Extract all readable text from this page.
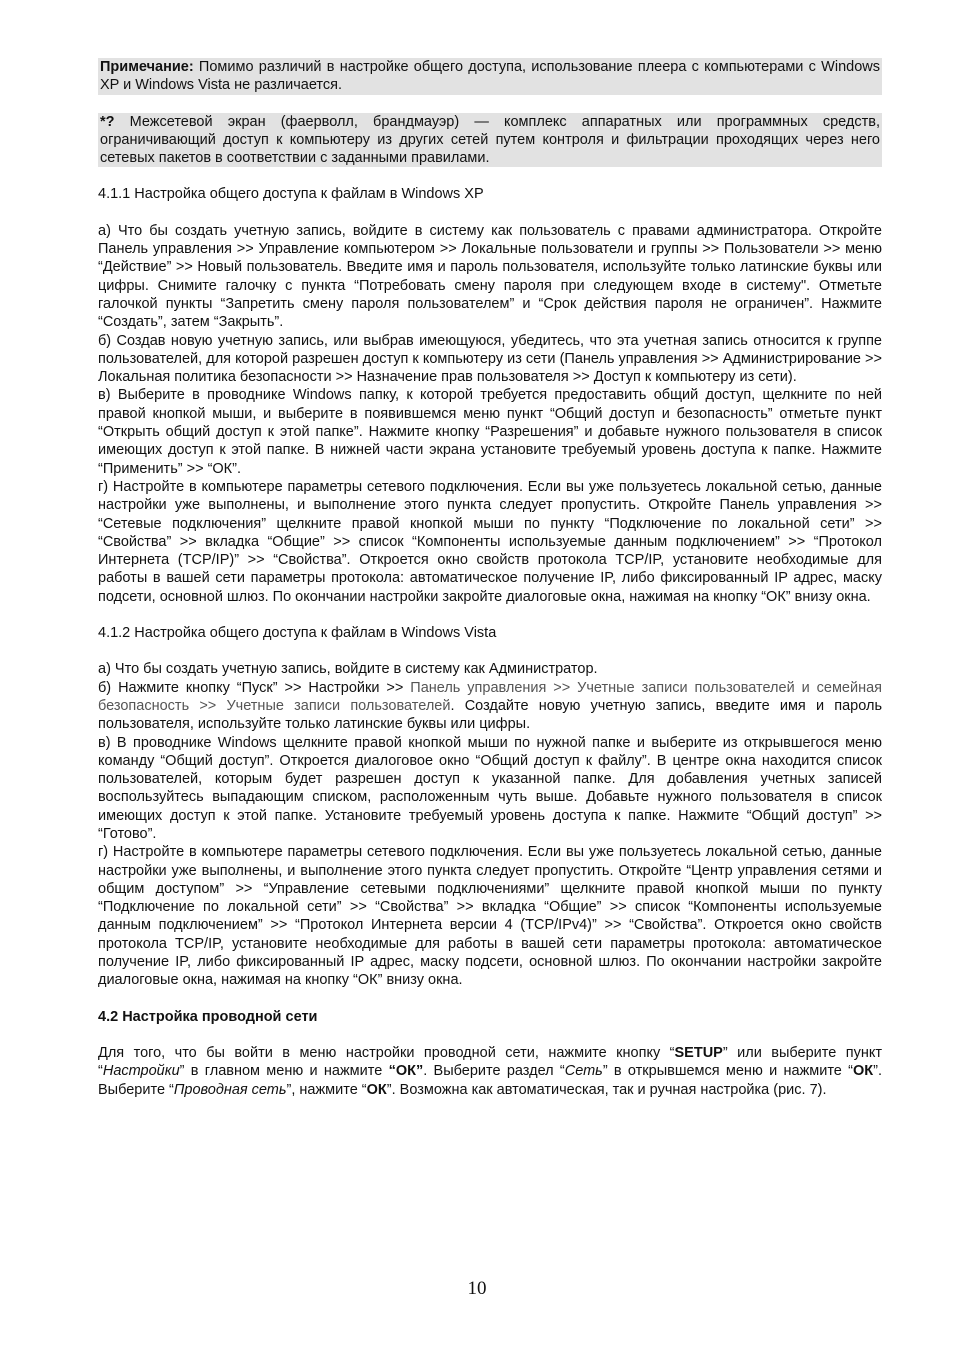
Примечание: Помимо различий в настройке общего доступа, использование плеера с компьютерами с Windows XP и Windows Vista не различается.

*? Межсетевой экран (фаерволл, брандмауэр) — комплекс аппаратных или программных средств, ограничивающий доступ к компьютеру из других сетей путем контроля и фильтрации проходящих через него сетевых пакетов в соответствии с заданными правилами.

4.1.1 Настройка общего доступа к файлам в Windows XP

а) Что бы создать учетную запись, войдите в систему как пользователь с правами администратора. Откройте Панель управления >> Управление компьютером >> Локальные пользователи и группы >> Пользователи >> меню “Действие” >> Новый пользователь. Введите имя и пароль пользователя, используйте только латинские буквы или цифры. Снимите галочку с пункта “Потребовать смену пароля при следующем входе в систему". Отметьте галочкой пункты “Запретить смену пароля пользователем” и “Срок действия пароля не ограничен”. Нажмите “Создать”, затем “Закрыть”.

б) Создав новую учетную запись, или выбрав имеющуюся, убедитесь, что эта учетная запись относится к группе пользователей, для которой разрешен доступ к компьютеру из сети (Панель управления >> Администрирование >> Локальная политика безопасности >> Назначение прав пользователя >> Доступ к компьютеру из сети).

в) Выберите в проводнике Windows папку, к которой требуется предоставить общий доступ, щелкните по ней правой кнопкой мыши, и выберите в появившемся меню пункт “Общий доступ и безопасность” отметьте пункт “Открыть общий доступ к этой папке”. Нажмите кнопку “Разрешения” и добавьте нужного пользователя в список имеющих доступ к этой папке. В нижней части экрана установите требуемый уровень доступа к папке. Нажмите “Применить” >> “ОК”.

г) Настройте в компьютере параметры сетевого подключения. Если вы уже пользуетесь локальной сетью, данные настройки уже выполнены, и выполнение этого пункта следует пропустить. Откройте Панель управления >> “Сетевые подключения” щелкните правой кнопкой мыши по пункту “Подключение по локальной сети” >> “Свойства” >> вкладка “Общие” >> список “Компоненты используемые данным подключением” >> “Протокол Интернета (TCP/IP)” >> “Свойства”. Откроется окно свойств протокола TCP/IP, установите необходимые для работы в вашей сети параметры протокола: автоматическое получение IP, либо фиксированный IP адрес, маску подсети, основной шлюз. По окончании настройки закройте диалоговые окна, нажимая на кнопку “ОК” внизу окна.

4.1.2 Настройка общего доступа к файлам в Windows Vista

а) Что бы создать учетную запись, войдите в систему как Администратор.

б) Нажмите кнопку “Пуск” >> Настройки >> Панель управления >> Учетные записи пользователей и семейная безопасность >> Учетные записи пользователей. Создайте новую учетную запись, введите имя и пароль пользователя, используйте только латинские буквы или цифры.

в) В проводнике Windows щелкните правой кнопкой мыши по нужной папке и выберите из открывшегося меню команду “Общий доступ”. Откроется диалоговое окно “Общий доступ к файлу”. В центре окна находится список пользователей, которым будет разрешен доступ к указанной папке. Для добавления учетных записей воспользуйтесь выпадающим списком, расположенным чуть выше. Добавьте нужного пользователя в список имеющих доступ к этой папке. Установите требуемый уровень доступа к папке. Нажмите “Общий доступ” >> “Готово”.

г) Настройте в компьютере параметры сетевого подключения. Если вы уже пользуетесь локальной сетью, данные настройки уже выполнены, и выполнение этого пункта следует пропустить. Откройте “Центр управления сетями и общим доступом” >> “Управление сетевыми подключениями” щелкните правой кнопкой мыши по пункту “Подключение по локальной сети” >> “Свойства” >> вкладка “Общие” >> список “Компоненты используемые данным подключением” >> “Протокол Интернета версии 4 (TCP/IPv4)” >> “Свойства”. Откроется окно свойств протокола TCP/IP, установите необходимые для работы в вашей сети параметры протокола: автоматическое получение IP, либо фиксированный IP адрес, маску подсети, основной шлюз. По окончании настройки закройте диалоговые окна, нажимая на кнопку “ОК” внизу окна.

4.2 Настройка проводной сети

Для того, что бы войти в меню настройки проводной сети, нажмите кнопку “SETUP” или выберите пункт “Настройки” в главном меню и нажмите “ОК”. Выберите раздел “Сеть” в открывшемся меню и нажмите “ОК”. Выберите “Проводная сеть”, нажмите “ОК”. Возможна как автоматическая, так и ручная настройка (рис. 7).

10
